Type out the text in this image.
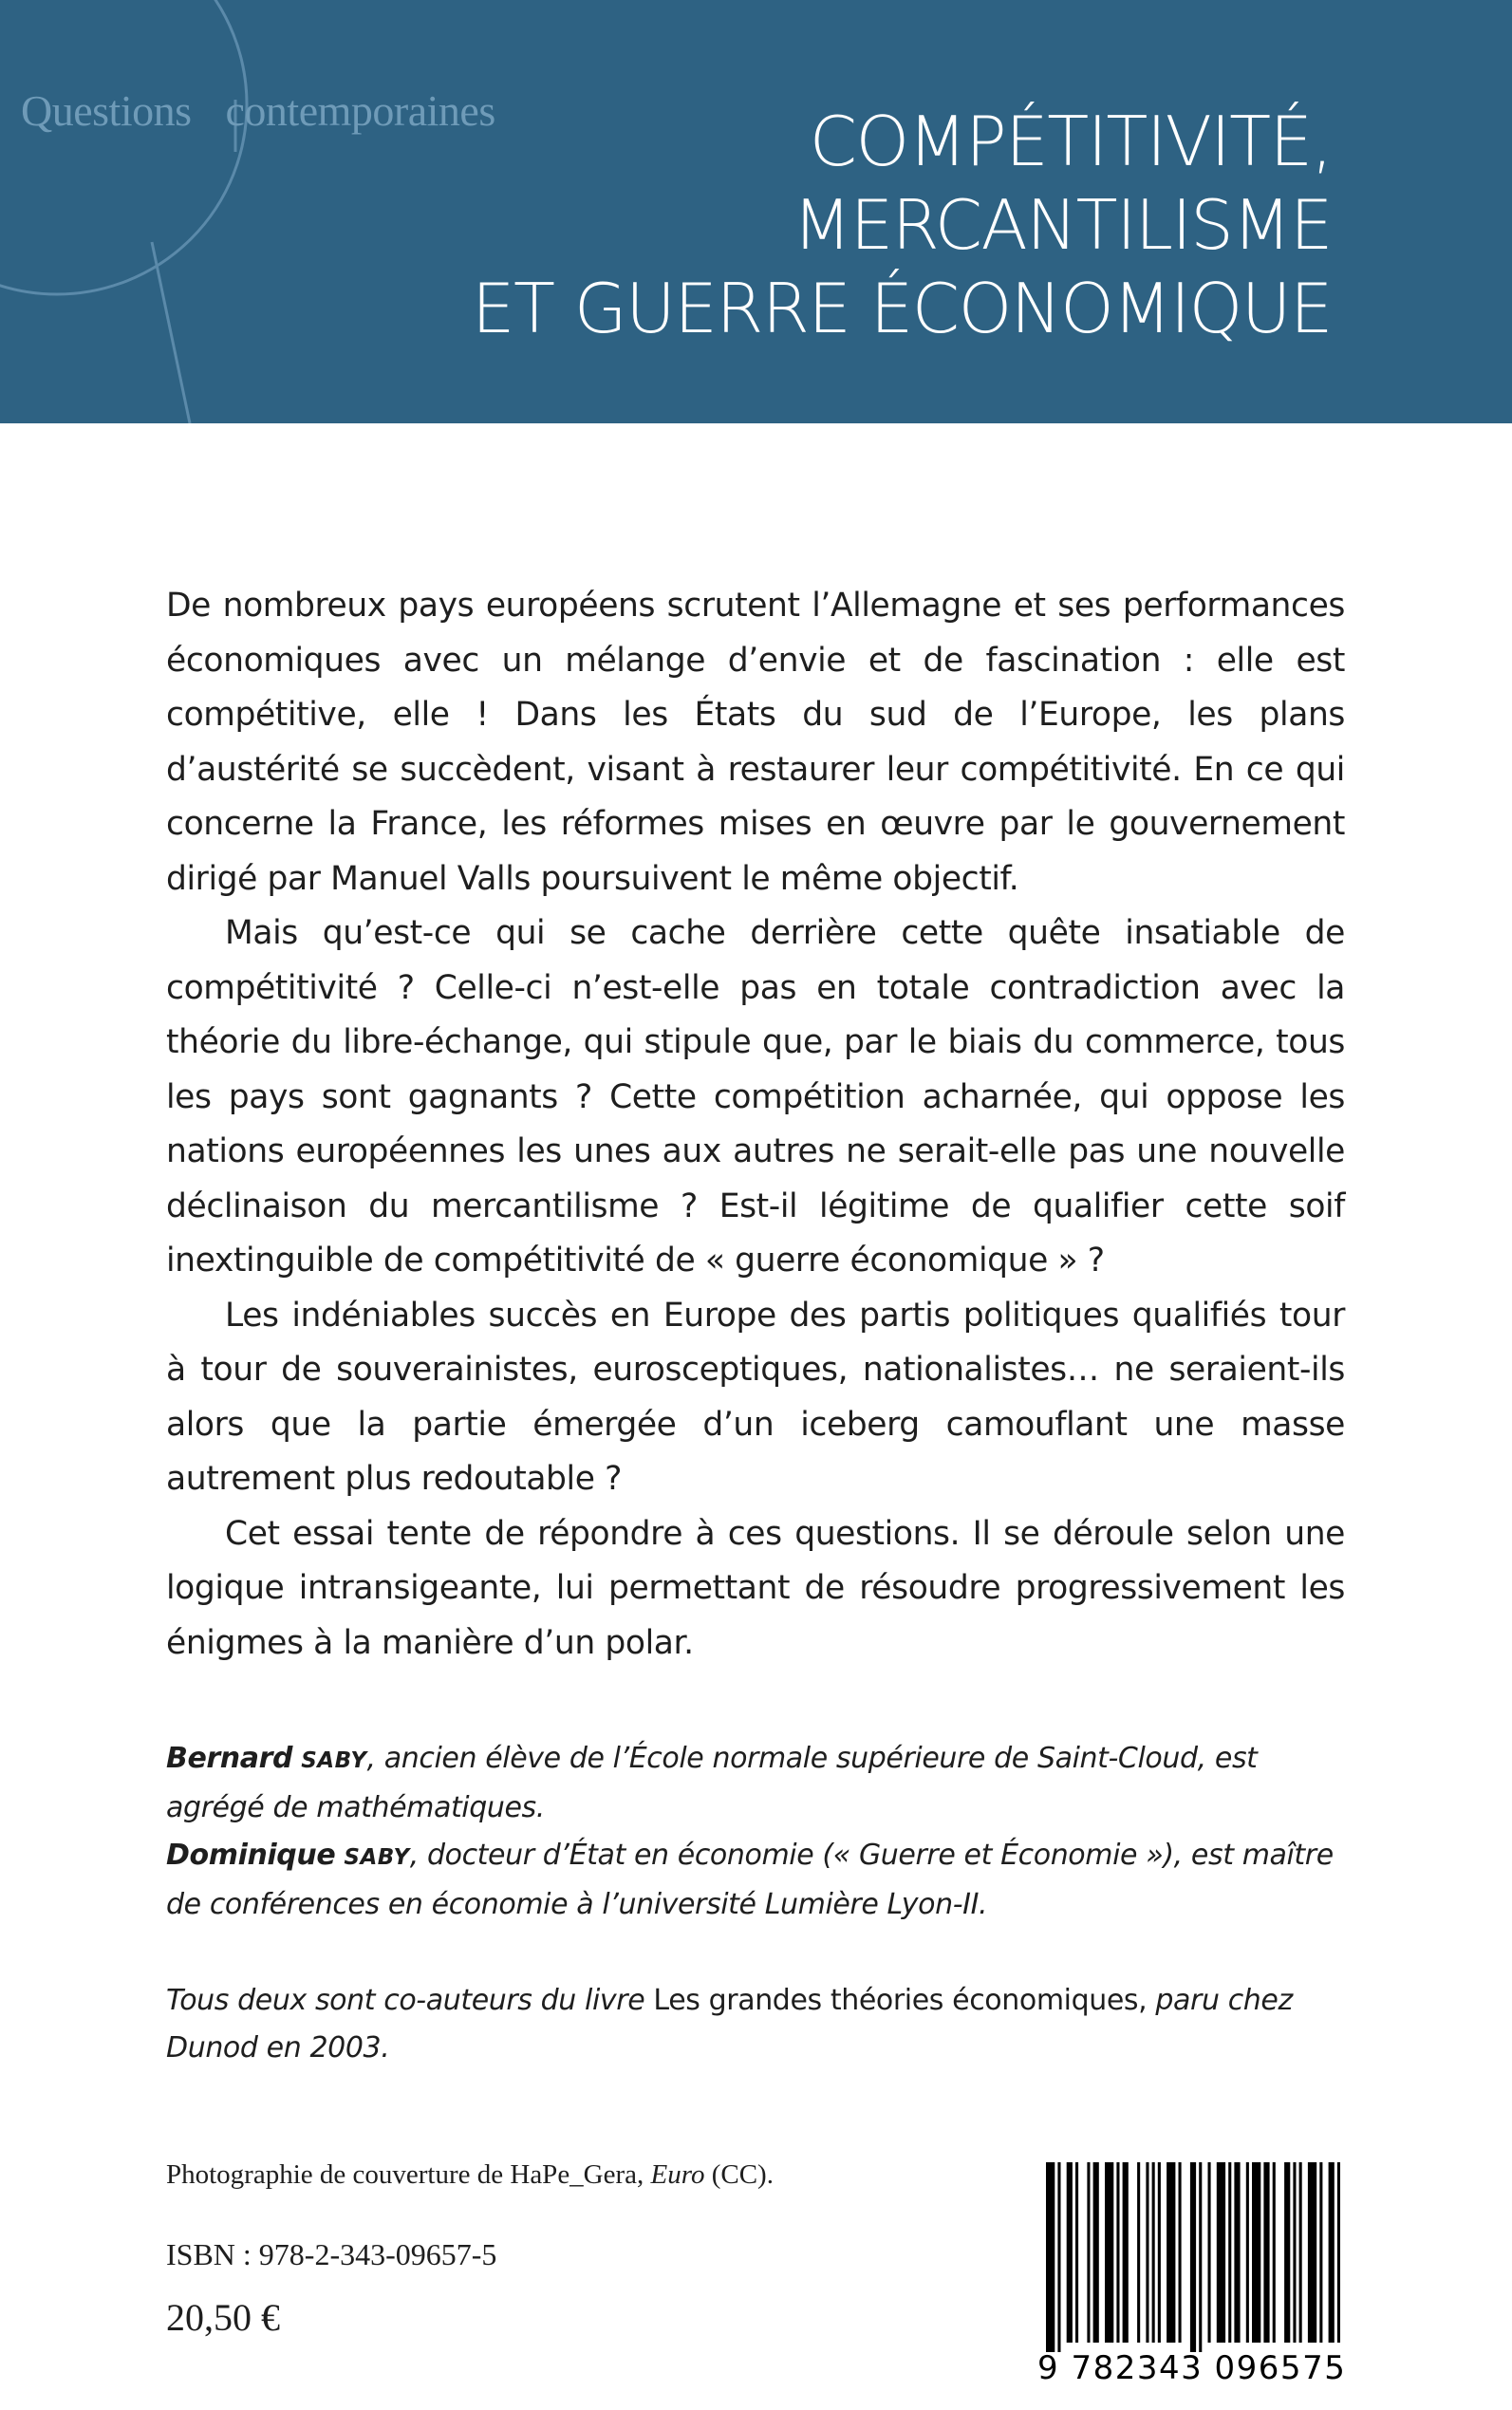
Questions contemporaines	COMPÉTITIVITÉ,
MERCANTILISME
ET GUERRE ÉCONOMIQUE

De nombreux pays européens scrutent l’Allemagne et ses performances économiques avec un mélange d’envie et de fascination : elle est compétitive, elle ! Dans les États du sud de l’Europe, les plans d’austérité se succèdent, visant à restaurer leur compétitivité. En ce qui concerne la France, les réformes mises en œuvre par le gouvernement dirigé par Manuel Valls poursuivent le même objectif.

Mais qu’est-ce qui se cache derrière cette quête insatiable de compétitivité ? Celle-ci n’est-elle pas en totale contradiction avec la théorie du libre-échange, qui stipule que, par le biais du commerce, tous les pays sont gagnants ? Cette compétition acharnée, qui oppose les nations européennes les unes aux autres ne serait-elle pas une nouvelle déclinaison du mercantilisme ? Est-il légitime de qualifier cette soif inextinguible de compétitivité de « guerre économique » ?

Les indéniables succès en Europe des partis politiques qualifiés tour à tour de souverainistes, eurosceptiques, nationalistes… ne seraient-ils alors que la partie émergée d’un iceberg camouflant une masse autrement plus redoutable ?

Cet essai tente de répondre à ces questions. Il se déroule selon une logique intransigeante, lui permettant de résoudre progressivement les énigmes à la manière d’un polar.

Bernard SABY, ancien élève de l’École normale supérieure de Saint-Cloud, est agrégé de mathématiques.

Dominique SABY, docteur d’État en économie (« Guerre et Économie »), est maître de conférences en économie à l’université Lumière Lyon-II.

Tous deux sont co-auteurs du livre Les grandes théories économiques, paru chez Dunod en 2003.

Photographie de couverture de HaPe_Gera, Euro (CC).
ISBN : 978-2-343-09657-5
20,50 €
9 782343 096575
